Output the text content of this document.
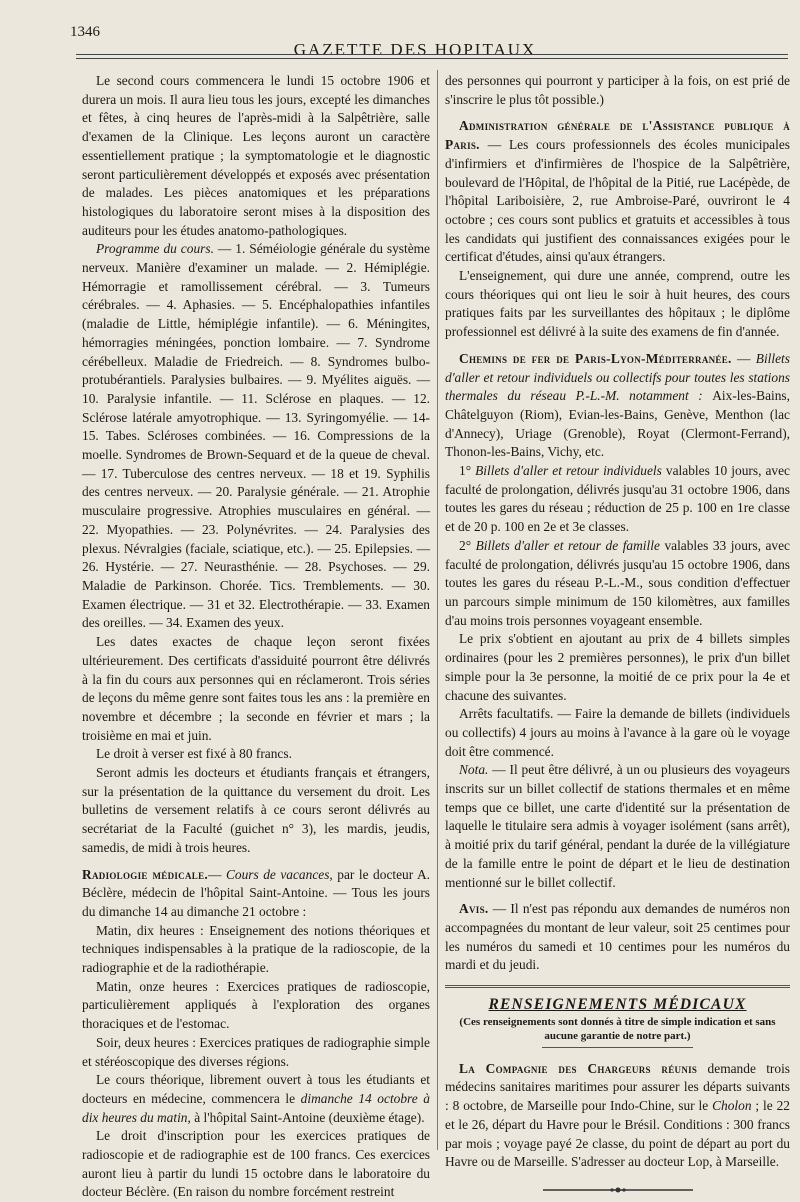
1346
GAZETTE DES HOPITAUX

Le second cours commencera le lundi 15 octobre 1906 et durera un mois. Il aura lieu tous les jours, excepté les dimanches et fêtes, à cinq heures de l'après-midi à la Salpêtrière, salle d'examen de la Clinique. Les leçons auront un caractère essentiellement pratique ; la symptomatologie et le diagnostic seront particulièrement développés et exposés avec présentation de malades. Les pièces anatomiques et les préparations histologiques du laboratoire seront mises à la disposition des auditeurs pour les études anatomo-pathologiques.

Programme du cours. — 1. Séméiologie générale du système nerveux. Manière d'examiner un malade. — 2. Hémiplégie. Hémorragie et ramollissement cérébral. — 3. Tumeurs cérébrales. — 4. Aphasies. — 5. Encéphalopathies infantiles (maladie de Little, hémiplégie infantile). — 6. Méningites, hémorragies méningées, ponction lombaire. — 7. Syndrome cérébelleux. Maladie de Friedreich. — 8. Syndromes bulbo-protubérantiels. Paralysies bulbaires. — 9. Myélites aiguës. — 10. Paralysie infantile. — 11. Sclérose en plaques. — 12. Sclérose latérale amyotrophique. — 13. Syringomyélie. — 14-15. Tabes. Scléroses combinées. — 16. Compressions de la moelle. Syndromes de Brown-Sequard et de la queue de cheval. — 17. Tuberculose des centres nerveux. — 18 et 19. Syphilis des centres nerveux. — 20. Paralysie générale. — 21. Atrophie musculaire progressive. Atrophies musculaires en général. — 22. Myopathies. — 23. Polynévrites. — 24. Paralysies des plexus. Névralgies (faciale, sciatique, etc.). — 25. Epilepsies. — 26. Hystérie. — 27. Neurasthénie. — 28. Psychoses. — 29. Maladie de Parkinson. Chorée. Tics. Tremblements. — 30. Examen électrique. — 31 et 32. Electrothérapie. — 33. Examen des oreilles. — 34. Examen des yeux.

Les dates exactes de chaque leçon seront fixées ultérieurement. Des certificats d'assiduité pourront être délivrés à la fin du cours aux personnes qui en réclameront. Trois séries de leçons du même genre sont faites tous les ans : la première en novembre et décembre ; la seconde en février et mars ; la troisième en mai et juin.

Le droit à verser est fixé à 80 francs.

Seront admis les docteurs et étudiants français et étrangers, sur la présentation de la quittance du versement du droit. Les bulletins de versement relatifs à ce cours seront délivrés au secrétariat de la Faculté (guichet n° 3), les mardis, jeudis, samedis, de midi à trois heures.

Radiologie médicale.— Cours de vacances, par le docteur A. Béclère, médecin de l'hôpital Saint-Antoine. — Tous les jours du dimanche 14 au dimanche 21 octobre :

Matin, dix heures : Enseignement des notions théoriques et techniques indispensables à la pratique de la radioscopie, de la radiographie et de la radiothérapie.

Matin, onze heures : Exercices pratiques de radioscopie, particulièrement appliqués à l'exploration des organes thoraciques et de l'estomac.

Soir, deux heures : Exercices pratiques de radiographie simple et stéréoscopique des diverses régions.

Le cours théorique, librement ouvert à tous les étudiants et docteurs en médecine, commencera le dimanche 14 octobre à dix heures du matin, à l'hôpital Saint-Antoine (deuxième étage).

Le droit d'inscription pour les exercices pratiques de radioscopie et de radiographie est de 100 francs. Ces exercices auront lieu à partir du lundi 15 octobre dans le laboratoire du docteur Béclère. (En raison du nombre forcément restreint

des personnes qui pourront y participer à la fois, on est prié de s'inscrire le plus tôt possible.)

Administration générale de l'Assistance publique à Paris. — Les cours professionnels des écoles municipales d'infirmiers et d'infirmières de l'hospice de la Salpêtrière, boulevard de l'Hôpital, de l'hôpital de la Pitié, rue Lacépède, de l'hôpital Lariboisière, 2, rue Ambroise-Paré, ouvriront le 4 octobre ; ces cours sont publics et gratuits et accessibles à tous les candidats qui justifient des connaissances exigées pour le certificat d'études, ainsi qu'aux étrangers.

L'enseignement, qui dure une année, comprend, outre les cours théoriques qui ont lieu le soir à huit heures, des cours pratiques faits par les surveillantes des hôpitaux ; le diplôme professionnel est délivré à la suite des examens de fin d'année.

Chemins de fer de Paris-Lyon-Méditerranée. — Billets d'aller et retour individuels ou collectifs pour toutes les stations thermales du réseau P.-L.-M. notamment : Aix-les-Bains, Châtelguyon (Riom), Evian-les-Bains, Genève, Menthon (lac d'Annecy), Uriage (Grenoble), Royat (Clermont-Ferrand), Thonon-les-Bains, Vichy, etc.

1° Billets d'aller et retour individuels valables 10 jours, avec faculté de prolongation, délivrés jusqu'au 31 octobre 1906, dans toutes les gares du réseau ; réduction de 25 p. 100 en 1re classe et de 20 p. 100 en 2e et 3e classes.

2° Billets d'aller et retour de famille valables 33 jours, avec faculté de prolongation, délivrés jusqu'au 15 octobre 1906, dans toutes les gares du réseau P.-L.-M., sous condition d'effectuer un parcours simple minimum de 150 kilomètres, aux familles d'au moins trois personnes voyageant ensemble.

Le prix s'obtient en ajoutant au prix de 4 billets simples ordinaires (pour les 2 premières personnes), le prix d'un billet simple pour la 3e personne, la moitié de ce prix pour la 4e et chacune des suivantes.

Arrêts facultatifs. — Faire la demande de billets (individuels ou collectifs) 4 jours au moins à l'avance à la gare où le voyage doit être commencé.

Nota. — Il peut être délivré, à un ou plusieurs des voyageurs inscrits sur un billet collectif de stations thermales et en même temps que ce billet, une carte d'identité sur la présentation de laquelle le titulaire sera admis à voyager isolément (sans arrêt), à moitié prix du tarif général, pendant la durée de la villégiature de la famille entre le point de départ et le lieu de destination mentionné sur le billet collectif.

Avis. — Il n'est pas répondu aux demandes de numéros non accompagnées du montant de leur valeur, soit 25 centimes pour les numéros du samedi et 10 centimes pour les numéros du mardi et du jeudi.

RENSEIGNEMENTS MÉDICAUX

(Ces renseignements sont donnés à titre de simple indication et sans aucune garantie de notre part.)

La Compagnie des Chargeurs réunis demande trois médecins sanitaires maritimes pour assurer les départs suivants : 8 octobre, de Marseille pour Indo-Chine, sur le Cholon ; le 22 et le 26, départ du Havre pour le Brésil. Conditions : 300 francs par mois ; voyage payé 2e classe, du point de départ au port du Havre ou de Marseille. S'adresser au docteur Lop, à Marseille.
